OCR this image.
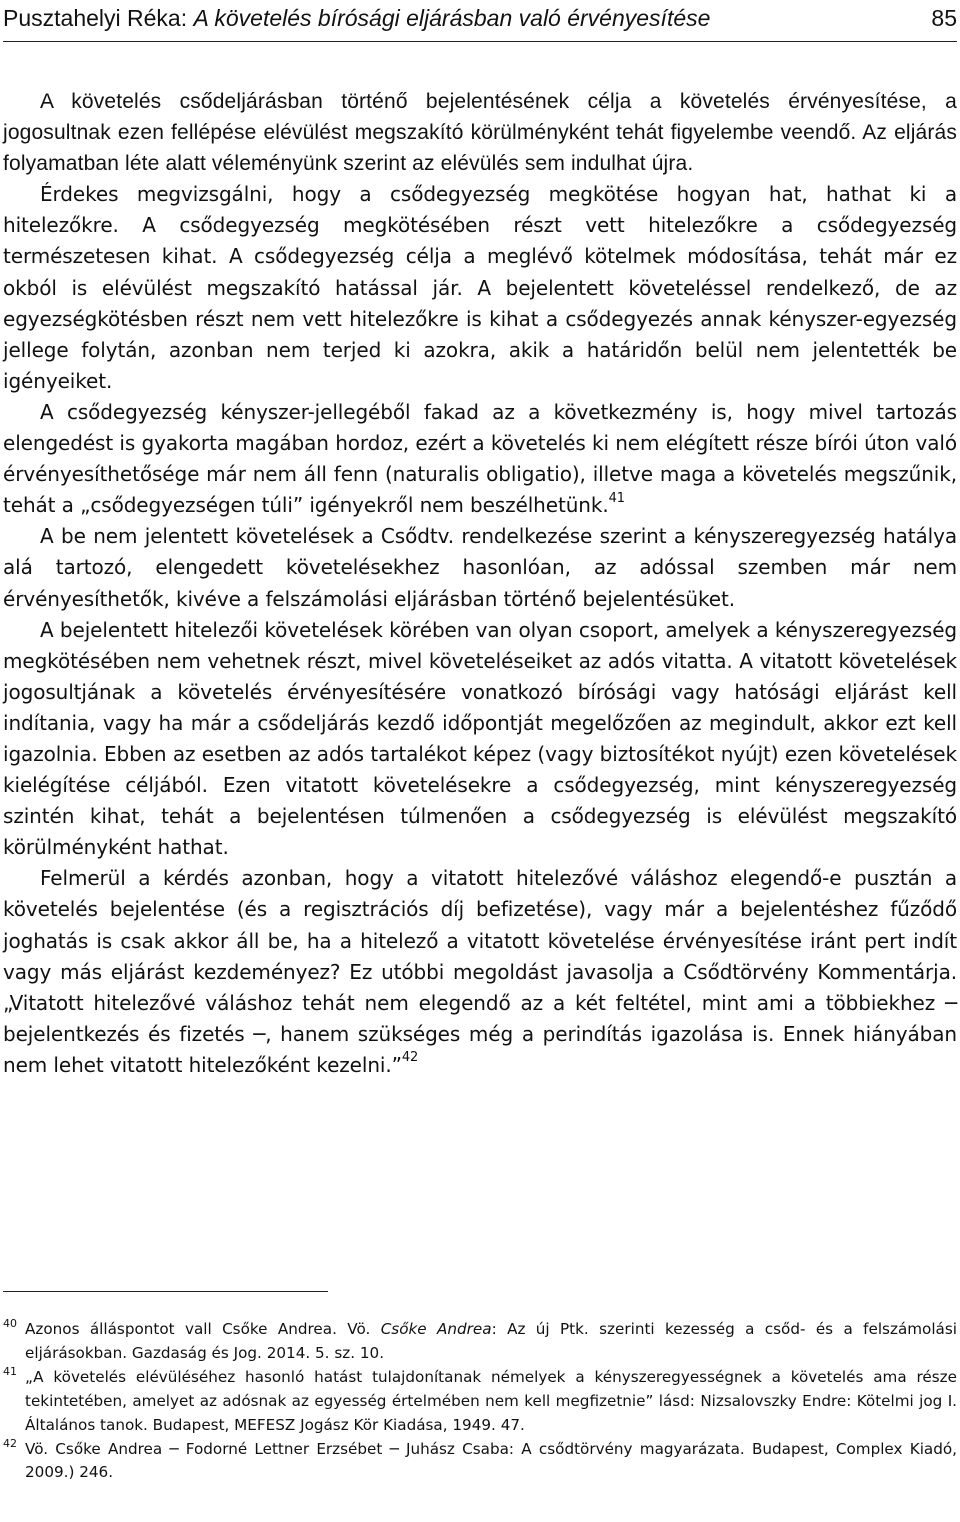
Pusztahelyi Réka: A követelés bírósági eljárásban való érvényesítése	85

A követelés csődeljárásban történő bejelentésének célja a követelés érvényesítése, a jogosultnak ezen fellépése elévülést megszakító körülményként tehát figyelembe veendő. Az eljárás folyamatban léte alatt véleményünk szerint az elévülés sem indulhat újra.

Érdekes megvizsgálni, hogy a csődegyezség megkötése hogyan hat, hathat ki a hitelezőkre. A csődegyezség megkötésében részt vett hitelezőkre a csődegyezség természetesen kihat. A csődegyezség célja a meglévő kötelmek módosítása, tehát már ez okból is elévülést megszakító hatással jár. A bejelentett követeléssel rendelkező, de az egyezségkötésben részt nem vett hitelezőkre is kihat a csődegyezés annak kényszer-egyezség jellege folytán, azonban nem terjed ki azokra, akik a határidőn belül nem jelentették be igényeiket.

A csődegyezség kényszer-jellegéből fakad az a következmény is, hogy mivel tartozás elengedést is gyakorta magában hordoz, ezért a követelés ki nem elégített része bírói úton való érvényesíthetősége már nem áll fenn (naturalis obligatio), illetve maga a követelés megszűnik, tehát a „csődegyezségen túli” igényekről nem beszélhetünk.$^{41}$

A be nem jelentett követelések a Csődtv. rendelkezése szerint a kényszeregyezség hatálya alá tartozó, elengedett követelésekhez hasonlóan, az adóssal szemben már nem érvényesíthetők, kivéve a felszámolási eljárásban történő bejelentésüket.

A bejelentett hitelezői követelések körében van olyan csoport, amelyek a kényszeregyezség megkötésében nem vehetnek részt, mivel követeléseiket az adós vitatta. A vitatott követelések jogosultjának a követelés érvényesítésére vonatkozó bírósági vagy hatósági eljárást kell indítania, vagy ha már a csődeljárás kezdő időpontját megelőzően az megindult, akkor ezt kell igazolnia. Ebben az esetben az adós tartalékot képez (vagy biztosítékot nyújt) ezen követelések kielégítése céljából. Ezen vitatott követelésekre a csődegyezség, mint kényszeregyezség szintén kihat, tehát a bejelentésen túlmenően a csődegyezség is elévülést megszakító körülményként hathat.

Felmerül a kérdés azonban, hogy a vitatott hitelezővé váláshoz elegendő-e pusztán a követelés bejelentése (és a regisztrációs díj befizetése), vagy már a bejelentéshez fűződő joghatás is csak akkor áll be, ha a hitelező a vitatott követelése érvényesítése iránt pert indít vagy más eljárást kezdeményez? Ez utóbbi megoldást javasolja a Csődtörvény Kommentárja. „Vitatott hitelezővé váláshoz tehát nem elegendő az a két feltétel, mint ami a többiekhez ─ bejelentkezés és fizetés ─, hanem szükséges még a perindítás igazolása is. Ennek hiányában nem lehet vitatott hitelezőként kezelni.”$^{42}$

40 Azonos álláspontot vall Csőke Andrea. Vö. Csőke Andrea: Az új Ptk. szerinti kezesség a csőd- és a felszámolási eljárásokban. Gazdaság és Jog. 2014. 5. sz. 10.

41 „A követelés elévüléséhez hasonló hatást tulajdonítanak némelyek a kényszeregyességnek a követelés ama része tekintetében, amelyet az adósnak az egyesség értelmében nem kell megfizetnie” lásd: Nizsalovszky Endre: Kötelmi jog I. Általános tanok. Budapest, MEFESZ Jogász Kör Kiadása, 1949. 47.

42 Vö. Csőke Andrea ─ Fodorné Lettner Erzsébet ─ Juhász Csaba: A csődtörvény magyarázata. Budapest, Complex Kiadó, 2009.) 246.
